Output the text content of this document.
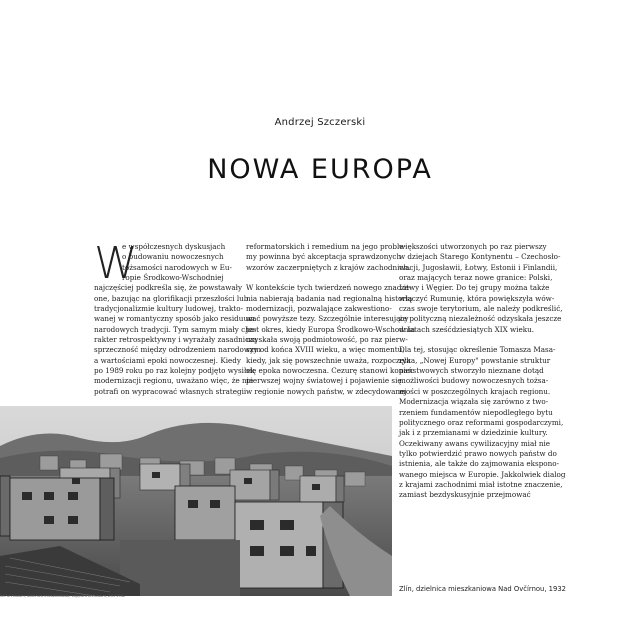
Andrzej Szczerski
NOWA EUROPA
W

e współczesnych dyskusjach
o budowaniu nowoczesnych
tożsamości narodowych w Eu-
ropie Środkowo-Wschodniej
najczęściej podkreśla się, że powstawały
one, bazując na glorifikacji przeszłości lub
tradycjonalizmie kultury ludowej, trakto-
wanej w romantyczny sposób jako residuum
narodowych tradycji. Tym samym miały cha-
rakter retrospektywny i wyrażały zasadniczą
sprzeczność między odrodzeniem narodowym
a wartościami epoki nowoczesnej. Kiedy
po 1989 roku po raz kolejny podjęto wysiłek
modernizacji regionu, uważano więc, że nie
potrafi on wypracować własnych strategii

reformatorskich i remedium na jego proble-
my powinna być akceptacja sprawdzonych
wzorów zaczerpniętych z krajów zachodnich.

W kontekście tych twierdzeń nowego znacze-
nia nabierają badania nad regionalną historią
modernizacji, pozwalające zakwestiono-
wać powyższe tezy. Szczególnie interesujący
jest okres, kiedy Europa Środkowo-Wschodnia
uzyskała swoją podmiotowość, po raz pierw-
szy od końca XVIII wieku, a więc momentu,
kiedy, jak się powszechnie uważa, rozpoczęła
się epoka nowoczesna. Cezurę stanowi koniec
pierwszej wojny światowej i pojawienie się
w regionie nowych państw, w zdecydowanej

większości utworzonych po raz pierwszy
w dziejach Starego Kontynentu – Czechosło-
wacji, Jugosławii, Łotwy, Estonii i Finlandii,
oraz mających teraz nowe granice: Polski,
Litwy i Węgier. Do tej grupy można także
włączyć Rumunię, która powiększyła wów-
czas swoje terytorium, ale należy podkreślić,
że polityczną niezależność odzyskała jeszcze
w latach sześćdziesiątych XIX wieku.

Dla tej, stosując określenie Tomasza Masa-
ryka, „Nowej Europy" powstanie struktur
państwowych stworzyło nieznane dotąd
możliwości budowy nowoczesnych tożsa-
mości w poszczególnych krajach regionu.
Modernizacja wiązała się zarówno z two-
rzeniem fundamentów niepodległego bytu
politycznego oraz reformami gospodarczymi,
jak i z przemianami w dziedzinie kultury.
Oczekiwany awans cywilizacyjny miał nie
tylko potwierdzić prawo nowych państw do
istnienia, ale także do zajmowania ekspono-
wanego miejsca w Europie. Jakkolwiek dialog
z krajami zachodnimi miał istotne znaczenie,
zamiast bezdyskusyjnie przejmować

fot. archiwum, dzielnica mieszkaniowa, zdjęcie z archiwum, Zlín 1932
Zlín, dzielnica mieszkaniowa Nad Ovčírnou, 1932
